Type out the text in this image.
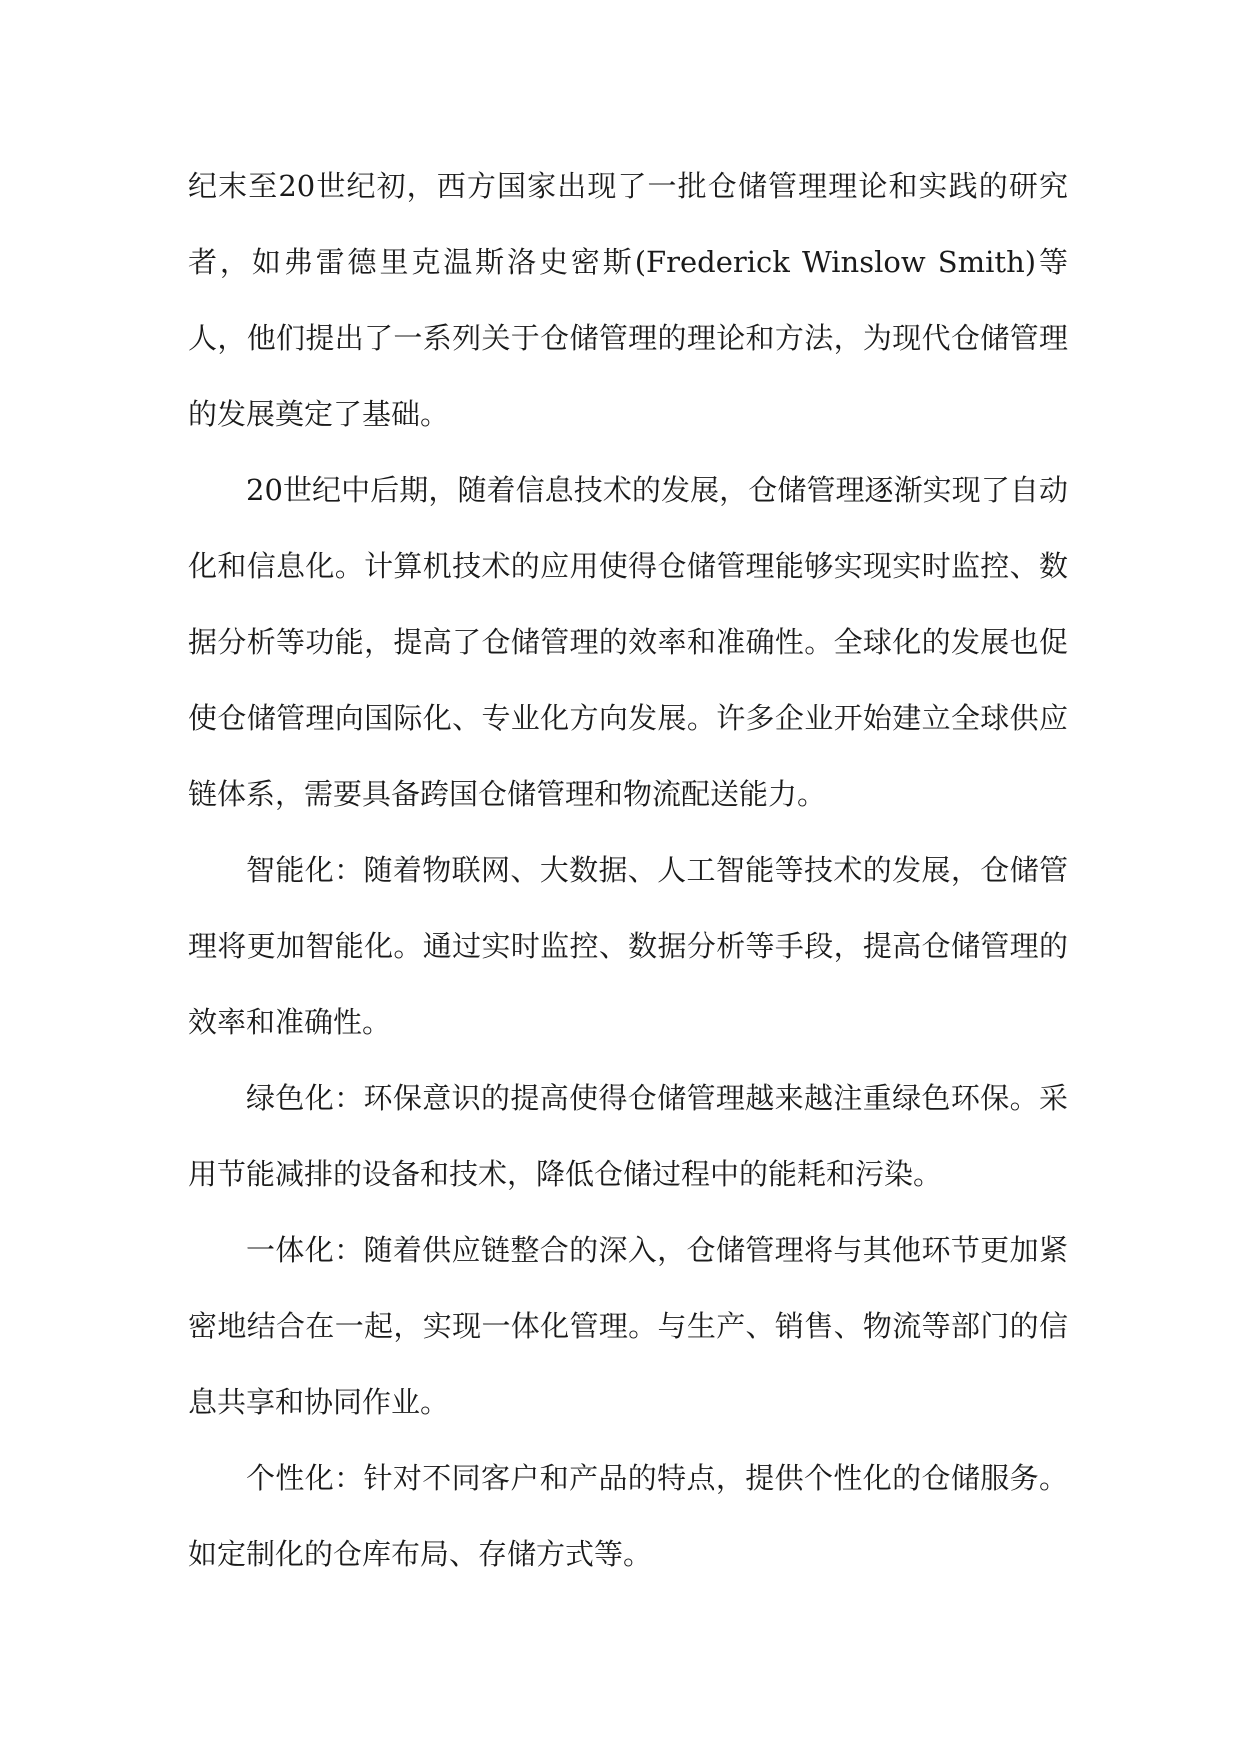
纪末至20世纪初，西方国家出现了一批仓储管理理论和实践的研究者，如弗雷德里克温斯洛史密斯(Frederick Winslow Smith)等人，他们提出了一系列关于仓储管理的理论和方法，为现代仓储管理的发展奠定了基础。

20世纪中后期，随着信息技术的发展，仓储管理逐渐实现了自动化和信息化。计算机技术的应用使得仓储管理能够实现实时监控、数据分析等功能，提高了仓储管理的效率和准确性。全球化的发展也促使仓储管理向国际化、专业化方向发展。许多企业开始建立全球供应链体系，需要具备跨国仓储管理和物流配送能力。

智能化：随着物联网、大数据、人工智能等技术的发展，仓储管理将更加智能化。通过实时监控、数据分析等手段，提高仓储管理的效率和准确性。

绿色化：环保意识的提高使得仓储管理越来越注重绿色环保。采用节能减排的设备和技术，降低仓储过程中的能耗和污染。

一体化：随着供应链整合的深入，仓储管理将与其他环节更加紧密地结合在一起，实现一体化管理。与生产、销售、物流等部门的信息共享和协同作业。

个性化：针对不同客户和产品的特点，提供个性化的仓储服务。如定制化的仓库布局、存储方式等。
